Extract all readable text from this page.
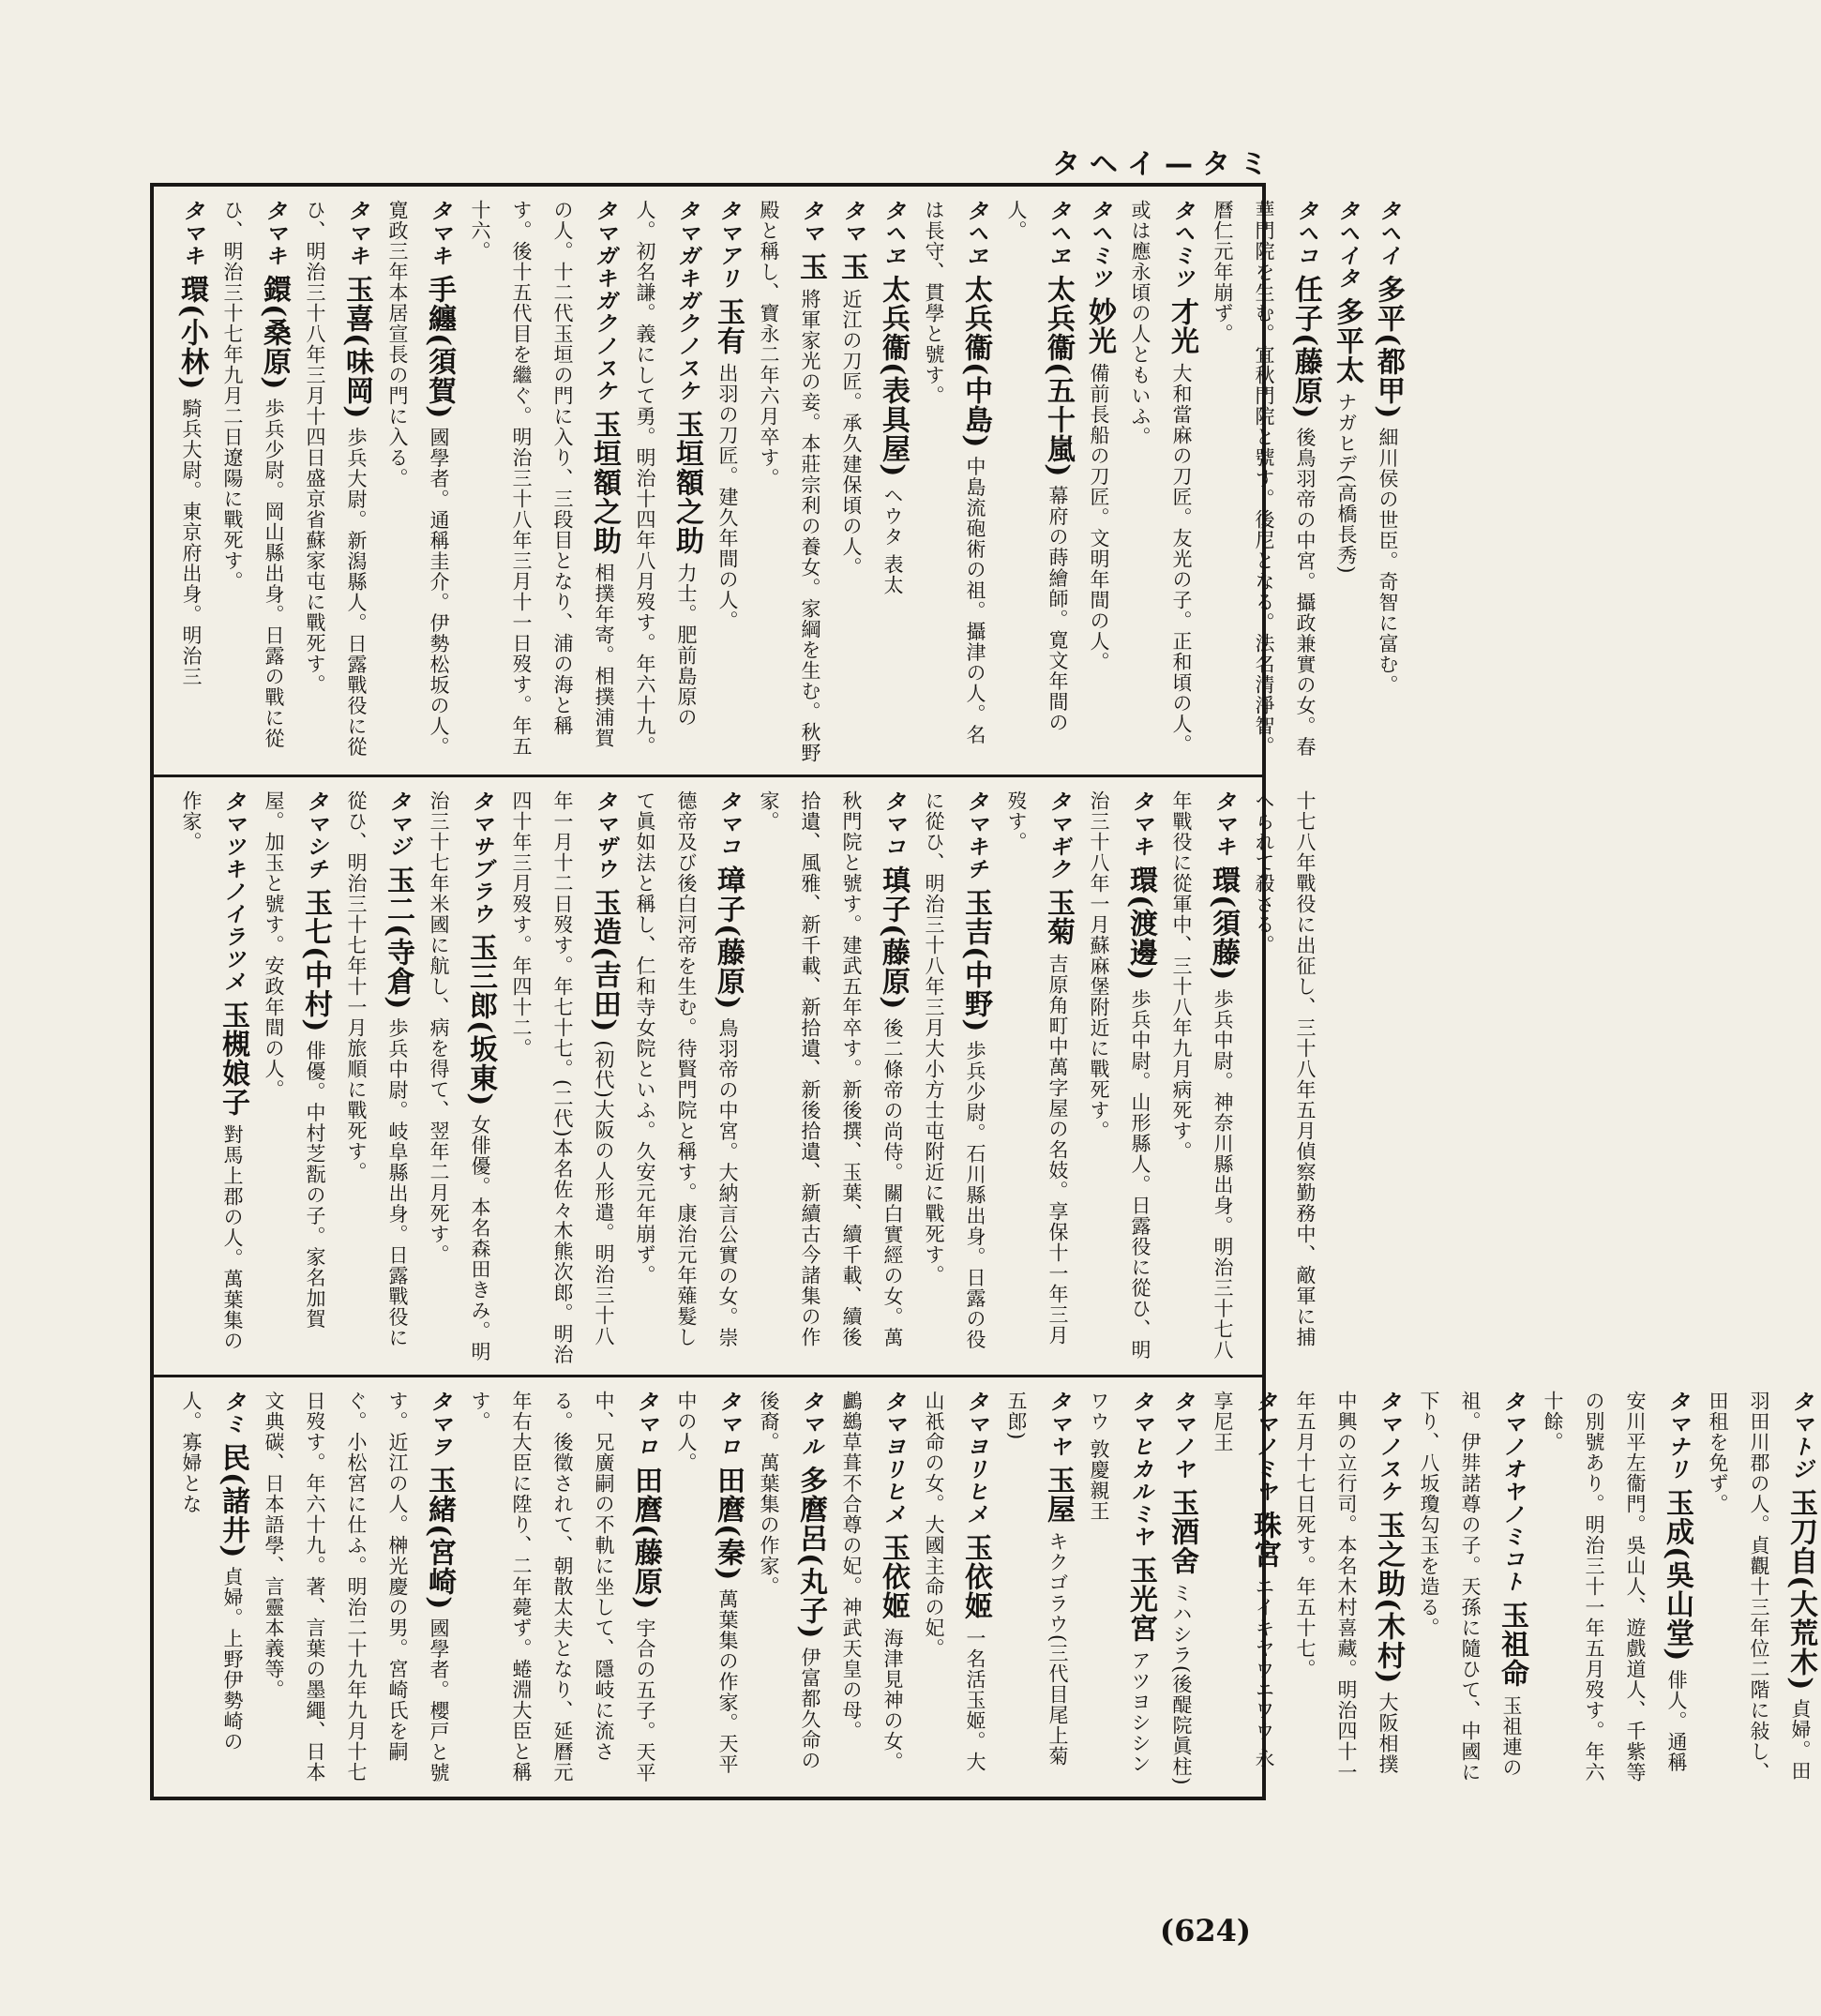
タヘイ—タミ

タヘイ 多平(都甲) 細川侯の世臣。奇智に富む。

タヘイタ 多平太 ナガヒデ(高橋長秀)

タヘコ 任子(藤原) 後鳥羽帝の中宮。攝政兼實の女。春華門院を生む。宜秋門院と號す。後尼となる。法名清淨智。曆仁元年崩ず。

タヘミツ 才光 大和當麻の刀匠。友光の子。正和頃の人。或は應永頃の人ともいふ。

タヘミツ 妙光 備前長船の刀匠。文明年間の人。

タヘヱ 太兵衞(五十嵐) 幕府の蒔繪師。寛文年間の人。

タヘヱ 太兵衞(中島) 中島流砲術の祖。攝津の人。名は長守、貫學と號す。

タヘヱ 太兵衞(表具屋) ヘウタ 表太

タマ 玉 近江の刀匠。承久建保頃の人。

タマ 玉 將軍家光の妾。本莊宗利の養女。家綱を生む。秋野殿と稱し、寶永二年六月卒す。

タマアリ 玉有 出羽の刀匠。建久年間の人。

タマガキガクノスケ 玉垣額之助 力士。肥前島原の人。初名謙。義にして勇。明治十四年八月歿す。年六十九。

タマガキガクノスケ 玉垣額之助 相撲年寄。相撲浦賀の人。十二代玉垣の門に入り、三段目となり、浦の海と稱す。後十五代目を繼ぐ。明治三十八年三月十一日歿す。年五十六。

タマキ 手纏(須賀) 國學者。通稱圭介。伊勢松坂の人。寛政三年本居宣長の門に入る。

タマキ 玉喜(味岡) 歩兵大尉。新潟縣人。日露戰役に從ひ、明治三十八年三月十四日盛京省蘇家屯に戰死す。

タマキ 鐶(桑原) 歩兵少尉。岡山縣出身。日露の戰に從ひ、明治三十七年九月二日遼陽に戰死す。

タマキ 環(小林) 騎兵大尉。東京府出身。明治三

十七八年戰役に出征し、三十八年五月偵察勤務中、敵軍に捕へられて殺さる。

タマキ 環(須藤) 歩兵中尉。神奈川縣出身。明治三十七八年戰役に從軍中、三十八年九月病死す。

タマキ 環(渡邊) 歩兵中尉。山形縣人。日露役に從ひ、明治三十八年一月蘇麻堡附近に戰死す。

タマギク 玉菊 吉原角町中萬字屋の名妓。享保十一年三月歿す。

タマキチ 玉吉(中野) 歩兵少尉。石川縣出身。日露の役に從ひ、明治三十八年三月大小方士屯附近に戰死す。

タマコ 瑱子(藤原) 後二條帝の尚侍。關白實經の女。萬秋門院と號す。建武五年卒す。新後撰、玉葉、續千載、續後拾遺、風雅、新千載、新拾遺、新後拾遺、新續古今諸集の作家。

タマコ 璋子(藤原) 鳥羽帝の中宮。大納言公實の女。崇德帝及び後白河帝を生む。待賢門院と稱す。康治元年薙髮して眞如法と稱し、仁和寺女院といふ。久安元年崩ず。

タマザウ 玉造(吉田) (初代)大阪の人形遣。明治三十八年一月十二日歿す。年七十七。(二代)本名佐々木熊次郎。明治四十年三月歿す。年四十二。

タマサブラウ 玉三郎(坂東) 女俳優。本名森田きみ。明治三十七年米國に航し、病を得て、翌年二月死す。

タマジ 玉二(寺倉) 歩兵中尉。岐阜縣出身。日露戰役に從ひ、明治三十七年十一月旅順に戰死す。

タマシチ 玉七(中村) 俳優。中村芝翫の子。家名加賀屋。加玉と號す。安政年間の人。

タマツキノイラツメ 玉槻娘子 對馬上郡の人。萬葉集の作家。

タマトジ 玉刀自(大荒木) 貞婦。田羽田川郡の人。貞觀十三年位二階に敍し、田租を免ず。

タマナリ 玉成(吳山堂) 俳人。通稱安川平左衞門。吳山人、遊戲道人、千紫等の別號あり。明治三十一年五月歿す。年六十餘。

タマノオヤノミコト 玉祖命 玉祖連の祖。伊弉諾尊の子。天孫に隨ひて、中國に下り、八坂瓊勾玉を造る。

タマノスケ 玉之助(木村) 大阪相撲中興の立行司。本名木村喜藏。明治四十一年五月十七日死す。年五十七。

タマノミヤ 珠宮 エイキヤウニワウ 永享尼王

タマノヤ 玉酒舍 ミハシラ(後醍院眞柱)

タマヒカルミヤ 玉光宮 アツヨシシンワウ 敦慶親王

タマヤ 玉屋 キクゴラウ(三代目尾上菊五郎)

タマヨリヒメ 玉依姬 一名活玉姬。大山祇命の女。大國主命の妃。

タマヨリヒメ 玉依姬 海津見神の女。鸕鷀草葺不合尊の妃。神武天皇の母。

タマル 多麿呂(丸子) 伊富都久命の後裔。萬葉集の作家。

タマロ 田麿(秦) 萬葉集の作家。天平中の人。

タマロ 田麿(藤原) 宇合の五子。天平中、兄廣嗣の不軌に坐して、隱岐に流さる。後徵されて、朝散太夫となり、延曆元年右大臣に陞り、二年薨ず。蜷淵大臣と稱す。

タマヲ 玉緒(宮崎) 國學者。櫻戸と號す。近江の人。榊光慶の男。宮崎氏を嗣ぐ。小松宮に仕ふ。明治二十九年九月十七日歿す。年六十九。著、言葉の墨繩、日本文典碳、日本語學、言靈本義等。

タミ 民(諸井) 貞婦。上野伊勢崎の人。寡婦とな

(624)
